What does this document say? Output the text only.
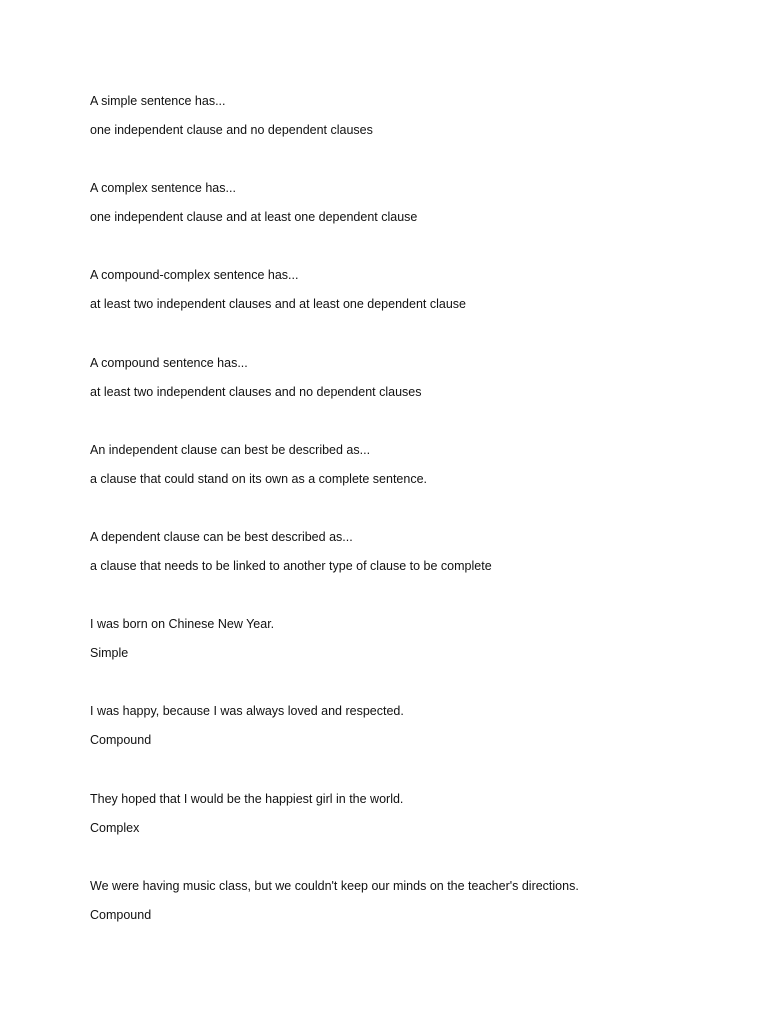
A simple sentence has...
one independent clause and no dependent clauses
A complex sentence has...
one independent clause and at least one dependent clause
A compound-complex sentence has...
at least two independent clauses and at least one dependent clause
A compound sentence has...
at least two independent clauses and no dependent clauses
An independent clause can best be described as...
a clause that could stand on its own as a complete sentence.
A dependent clause can be best described as...
a clause that needs to be linked to another type of clause to be complete
I was born on Chinese New Year.
Simple
I was happy, because I was always loved and respected.
Compound
They hoped that I would be the happiest girl in the world.
Complex
We were having music class, but we couldn't keep our minds on the teacher's directions.
Compound
